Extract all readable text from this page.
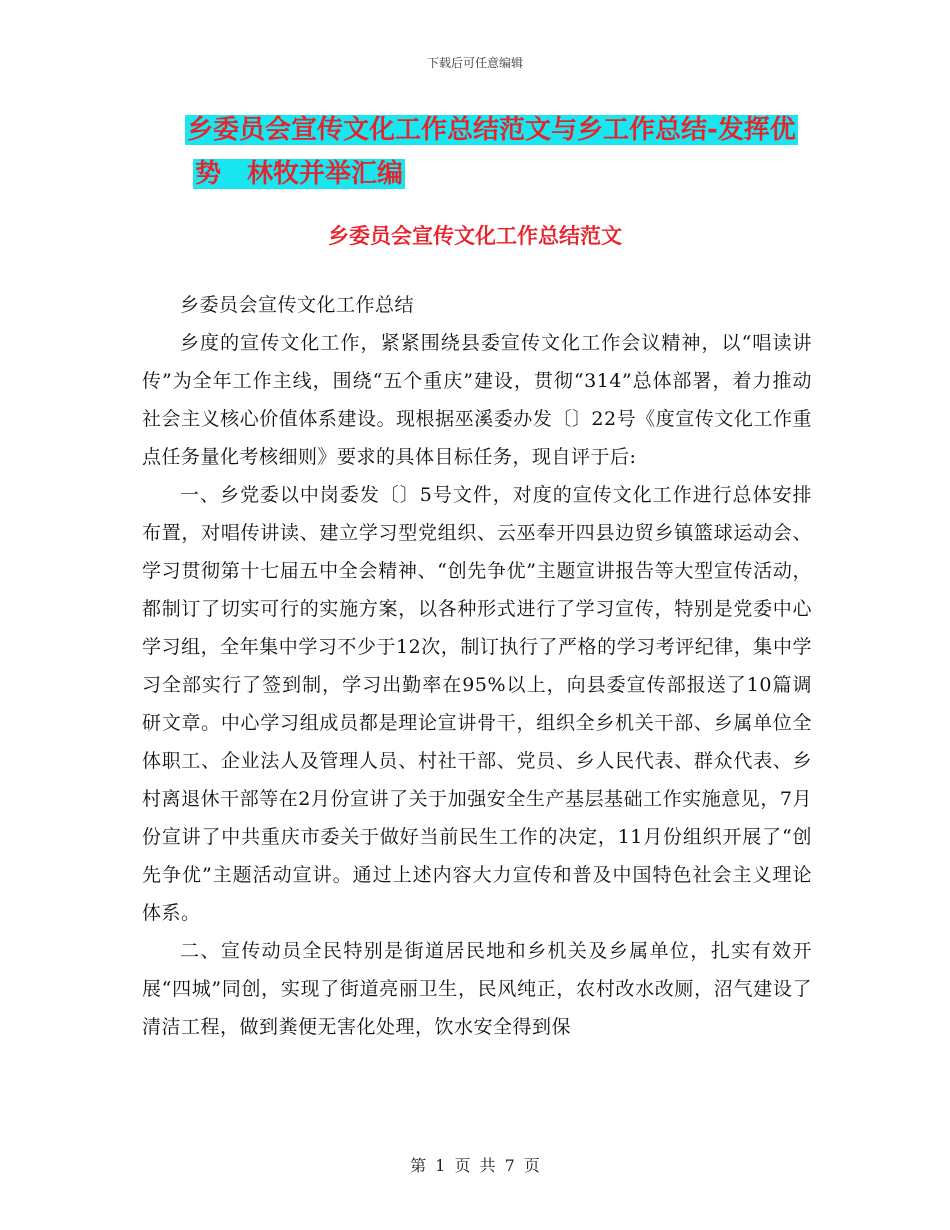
下载后可任意编辑
乡委员会宣传文化工作总结范文与乡工作总结-发挥优
势　林牧并举汇编
乡委员会宣传文化工作总结范文

乡委员会宣传文化工作总结

乡度的宣传文化工作，紧紧围绕县委宣传文化工作会议精神，以“唱读讲传”为全年工作主线，围绕“五个重庆”建设，贯彻“314”总体部署，着力推动社会主义核心价值体系建设。现根据巫溪委办发〔〕22号《度宣传文化工作重点任务量化考核细则》要求的具体目标任务，现自评于后:

一、乡党委以中岗委发〔〕5号文件，对度的宣传文化工作进行总体安排布置，对唱传讲读、建立学习型党组织、云巫奉开四县边贸乡镇篮球运动会、学习贯彻第十七届五中全会精神、“创先争优”主题宣讲报告等大型宣传活动，都制订了切实可行的实施方案，以各种形式进行了学习宣传，特别是党委中心学习组，全年集中学习不少于12次，制订执行了严格的学习考评纪律，集中学习全部实行了签到制，学习出勤率在95%以上，向县委宣传部报送了10篇调研文章。中心学习组成员都是理论宣讲骨干，组织全乡机关干部、乡属单位全体职工、企业法人及管理人员、村社干部、党员、乡人民代表、群众代表、乡村离退休干部等在2月份宣讲了关于加强安全生产基层基础工作实施意见，7月份宣讲了中共重庆市委关于做好当前民生工作的决定，11月份组织开展了“创先争优”主题活动宣讲。通过上述内容大力宣传和普及中国特色社会主义理论体系。

二、宣传动员全民特别是街道居民地和乡机关及乡属单位，扎实有效开展“四城”同创，实现了街道亮丽卫生，民风纯正，农村改水改厕，沼气建设了清洁工程，做到粪便无害化处理，饮水安全得到保

第 1 页 共 7 页
